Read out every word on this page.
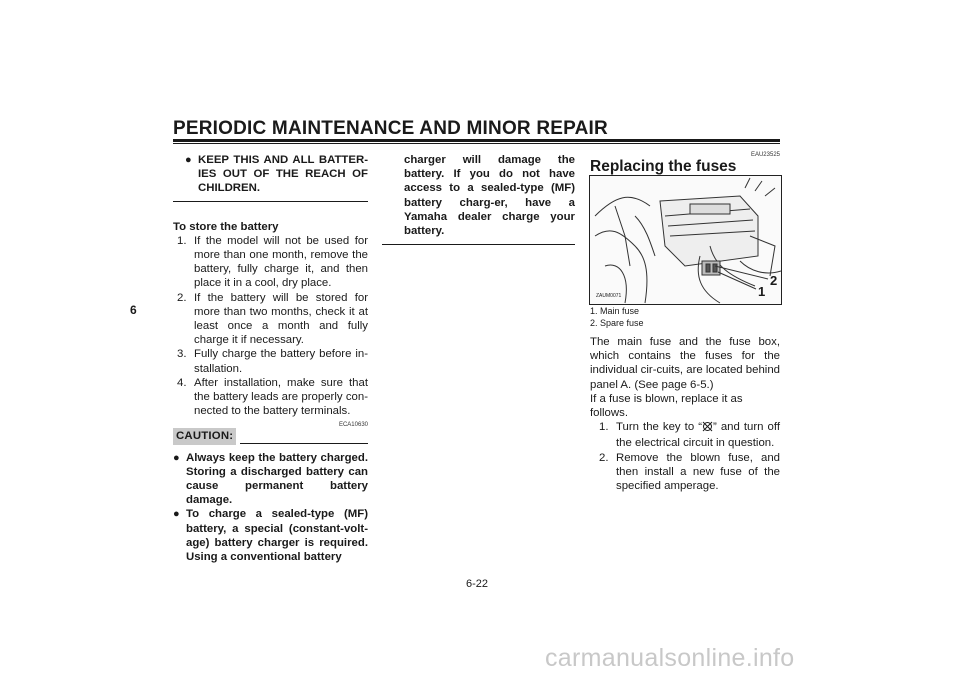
PERIODIC MAINTENANCE AND MINOR REPAIR
6
● KEEP THIS AND ALL BATTER-IES OUT OF THE REACH OF CHILDREN.
To store the battery
1. If the model will not be used for more than one month, remove the battery, fully charge it, and then place it in a cool, dry place.
2. If the battery will be stored for more than two months, check it at least once a month and fully charge it if necessary.
3. Fully charge the battery before in-stallation.
4. After installation, make sure that the battery leads are properly con-nected to the battery terminals.
CAUTION:
ECA10630
● Always keep the battery charged. Storing a discharged battery can cause permanent battery damage.
● To charge a sealed-type (MF) battery, a special (constant-volt-age) battery charger is required. Using a conventional battery
charger will damage the battery. If you do not have access to a sealed-type (MF) battery charg-er, have a Yamaha dealer charge your battery.
EAU23525
Replacing the fuses
ZAUM0071	1
2
1. Main fuse
2. Spare fuse
The main fuse and the fuse box, which contains the fuses for the individual cir-cuits, are located behind panel A. (See page 6-5.)
If a fuse is blown, replace it as follows.
1. Turn the key to “ ” and turn off the electrical circuit in question.
2. Remove the blown fuse, and then install a new fuse of the specified amperage.
6-22
carmanualsonline.info
